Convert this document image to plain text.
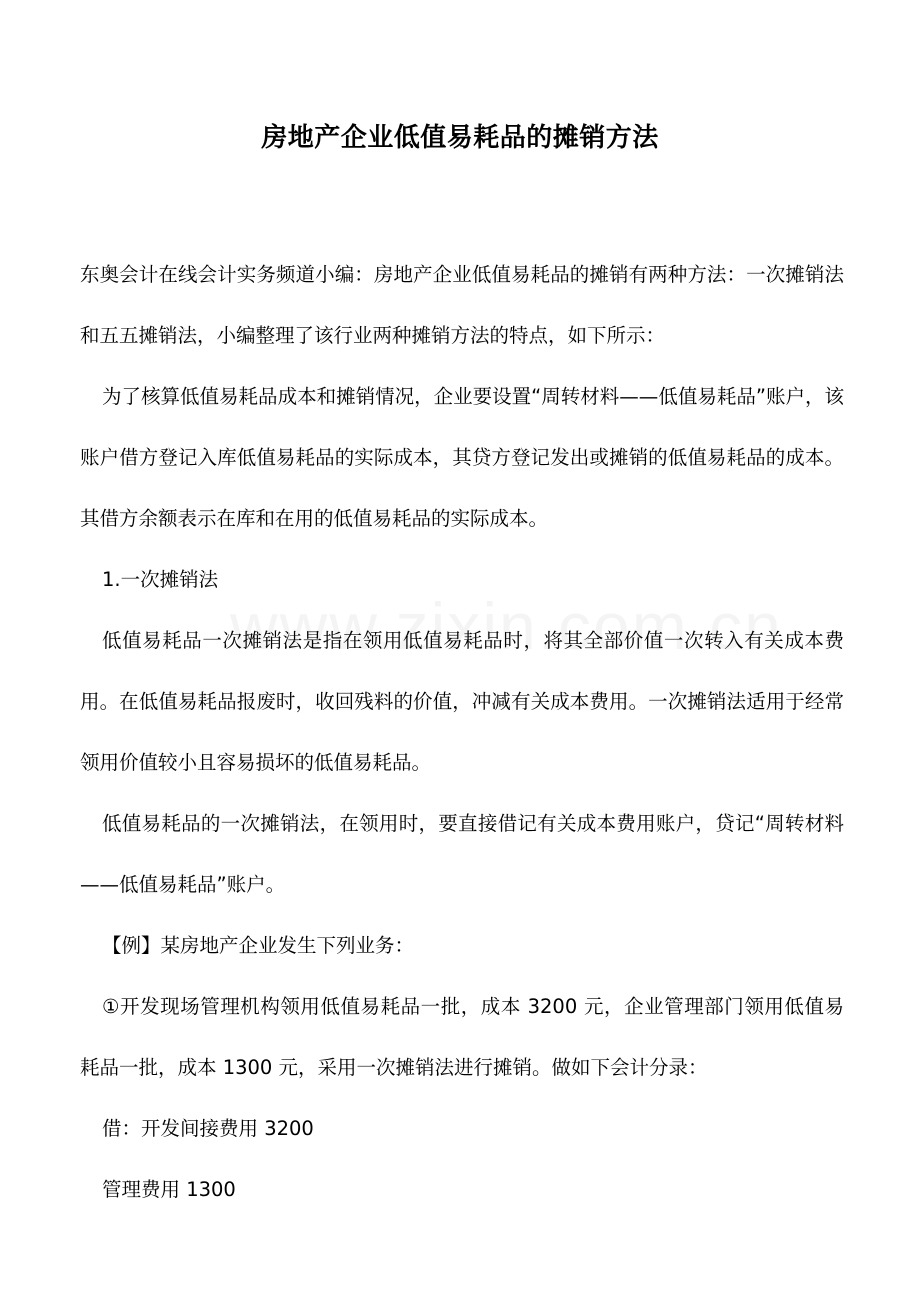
房地产企业低值易耗品的摊销方法

东奥会计在线会计实务频道小编：房地产企业低值易耗品的摊销有两种方法：一次摊销法和五五摊销法，小编整理了该行业两种摊销方法的特点，如下所示：

为了核算低值易耗品成本和摊销情况，企业要设置“周转材料——低值易耗品”账户，该账户借方登记入库低值易耗品的实际成本，其贷方登记发出或摊销的低值易耗品的成本。其借方余额表示在库和在用的低值易耗品的实际成本。

1.一次摊销法

低值易耗品一次摊销法是指在领用低值易耗品时，将其全部价值一次转入有关成本费用。在低值易耗品报废时，收回残料的价值，冲减有关成本费用。一次摊销法适用于经常领用价值较小且容易损坏的低值易耗品。

低值易耗品的一次摊销法，在领用时，要直接借记有关成本费用账户，贷记“周转材料——低值易耗品”账户。

【例】某房地产企业发生下列业务：

①开发现场管理机构领用低值易耗品一批，成本 3200 元，企业管理部门领用低值易耗品一批，成本 1300 元，采用一次摊销法进行摊销。做如下会计分录：

借：开发间接费用 3200

管理费用 1300
